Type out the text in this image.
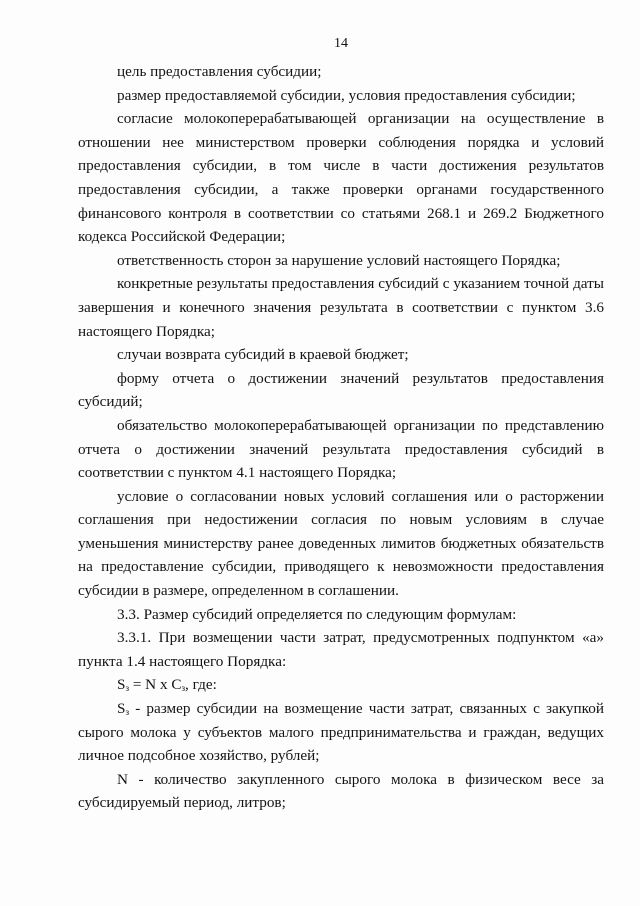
14

цель предоставления субсидии;

размер предоставляемой субсидии, условия предоставления субсидии;

согласие молокоперерабатывающей организации на осуществление в отношении нее министерством проверки соблюдения порядка и условий предоставления субсидии, в том числе в части достижения результатов предоставления субсидии, а также проверки органами государственного финансового контроля в соответствии со статьями 268.1 и 269.2 Бюджетного кодекса Российской Федерации;

ответственность сторон за нарушение условий настоящего Порядка;

конкретные результаты предоставления субсидий с указанием точной даты завершения и конечного значения результата в соответствии с пунктом 3.6 настоящего Порядка;

случаи возврата субсидий в краевой бюджет;

форму отчета о достижении значений результатов предоставления субсидий;

обязательство молокоперерабатывающей организации по представлению отчета о достижении значений результата предоставления субсидий в соответствии с пунктом 4.1 настоящего Порядка;

условие о согласовании новых условий соглашения или о расторжении соглашения при недостижении согласия по новым условиям в случае уменьшения министерству ранее доведенных лимитов бюджетных обязательств на предоставление субсидии, приводящего к невозможности предоставления субсидии в размере, определенном в соглашении.

3.3. Размер субсидий определяется по следующим формулам:

3.3.1. При возмещении части затрат, предусмотренных подпунктом «а» пункта 1.4 настоящего Порядка:

$S_з = N$ x $C_з$, где:

$S_з$ - размер субсидии на возмещение части затрат, связанных с закупкой сырого молока у субъектов малого предпринимательства и граждан, ведущих личное подсобное хозяйство, рублей;

N - количество закупленного сырого молока в физическом весе за субсидируемый период, литров;
